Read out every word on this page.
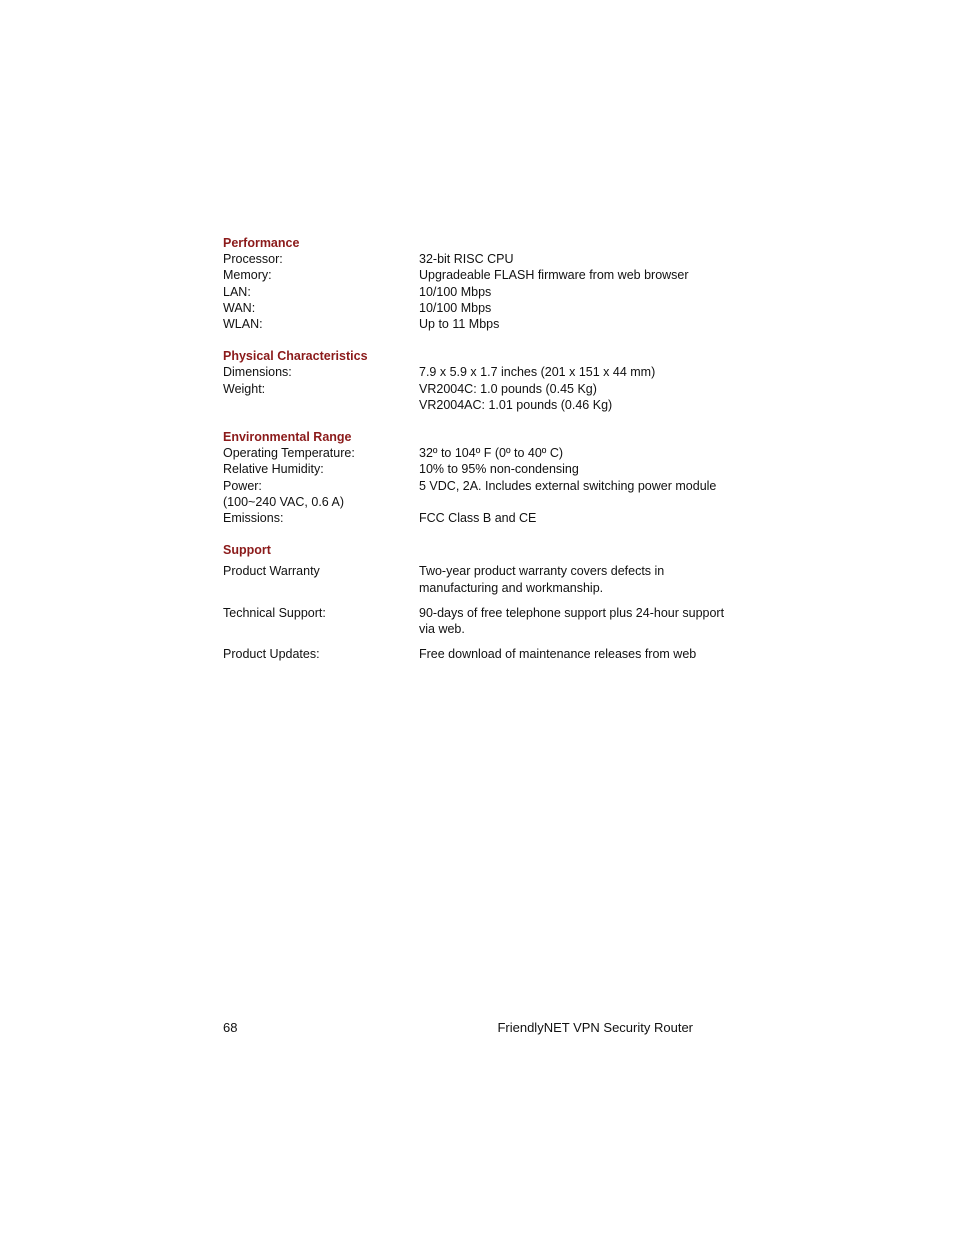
Performance
Processor:	32-bit RISC CPU
Memory:	Upgradeable FLASH firmware from web browser
LAN:	10/100 Mbps
WAN:	10/100 Mbps
WLAN:	Up to 11 Mbps
Physical Characteristics
Dimensions:	7.9 x 5.9 x 1.7 inches (201 x 151 x 44 mm)
Weight:	VR2004C: 1.0 pounds (0.45 Kg)
VR2004AC: 1.01 pounds (0.46 Kg)
Environmental Range
Operating Temperature:	32º to 104º F (0º to 40º C)
Relative Humidity:	10% to 95% non-condensing
Power:	5 VDC, 2A. Includes external switching power module
(100~240 VAC, 0.6 A)
Emissions:	FCC Class B and CE
Support
Product Warranty	Two-year product warranty covers defects in manufacturing and workmanship.
Technical Support:	90-days of free telephone support plus 24-hour support via web.
Product Updates:	Free download of maintenance releases from web
68	FriendlyNET VPN Security Router
